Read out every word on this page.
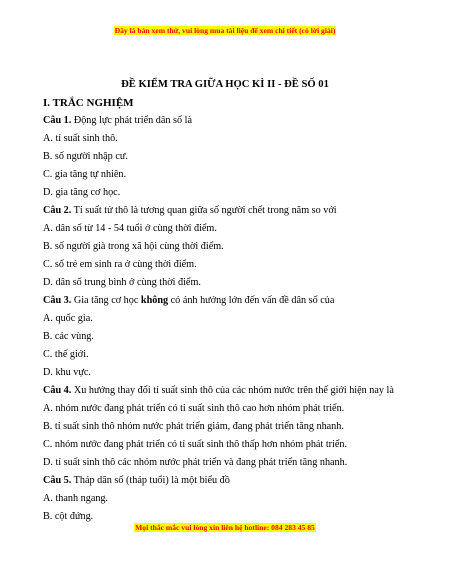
Đây là bản xem thử, vui lòng mua tài liệu để xem chi tiết (có lời giải)
ĐỀ KIỂM TRA GIỮA HỌC KÌ II - ĐỀ SỐ 01
I. TRẮC NGHIỆM
Câu 1. Động lực phát triển dân số là
A. tỉ suất sinh thô.
B. số người nhập cư.
C. gia tăng tự nhiên.
D. gia tăng cơ học.
Câu 2. Tỉ suất tử thô là tương quan giữa số người chết trong năm so với
A. dân số từ 14 - 54 tuổi ở cùng thời điểm.
B. số người già trong xã hội cùng thời điểm.
C. số trẻ em sinh ra ở cùng thời điểm.
D. dân số trung bình ở cùng thời điểm.
Câu 3. Gia tăng cơ học không có ảnh hưởng lớn đến vấn đề dân số của
A. quốc gia.
B. các vùng.
C. thế giới.
D. khu vực.
Câu 4. Xu hướng thay đổi tỉ suất sinh thô của các nhóm nước trên thế giới hiện nay là
A. nhóm nước đang phát triển có tỉ suất sinh thô cao hơn nhóm phát triển.
B. tỉ suất sinh thô nhóm nước phát triển giảm, đang phát triển tăng nhanh.
C. nhóm nước đang phát triển có tỉ suất sinh thô thấp hơn nhóm phát triển.
D. tỉ suất sinh thô các nhóm nước phát triển và đang phát triển tăng nhanh.
Câu 5. Tháp dân số (tháp tuổi) là một biểu đồ
A. thanh ngang.
B. cột đứng.
Mọi thắc mắc vui lòng xin liên hệ hotline: 084 283 45 85
